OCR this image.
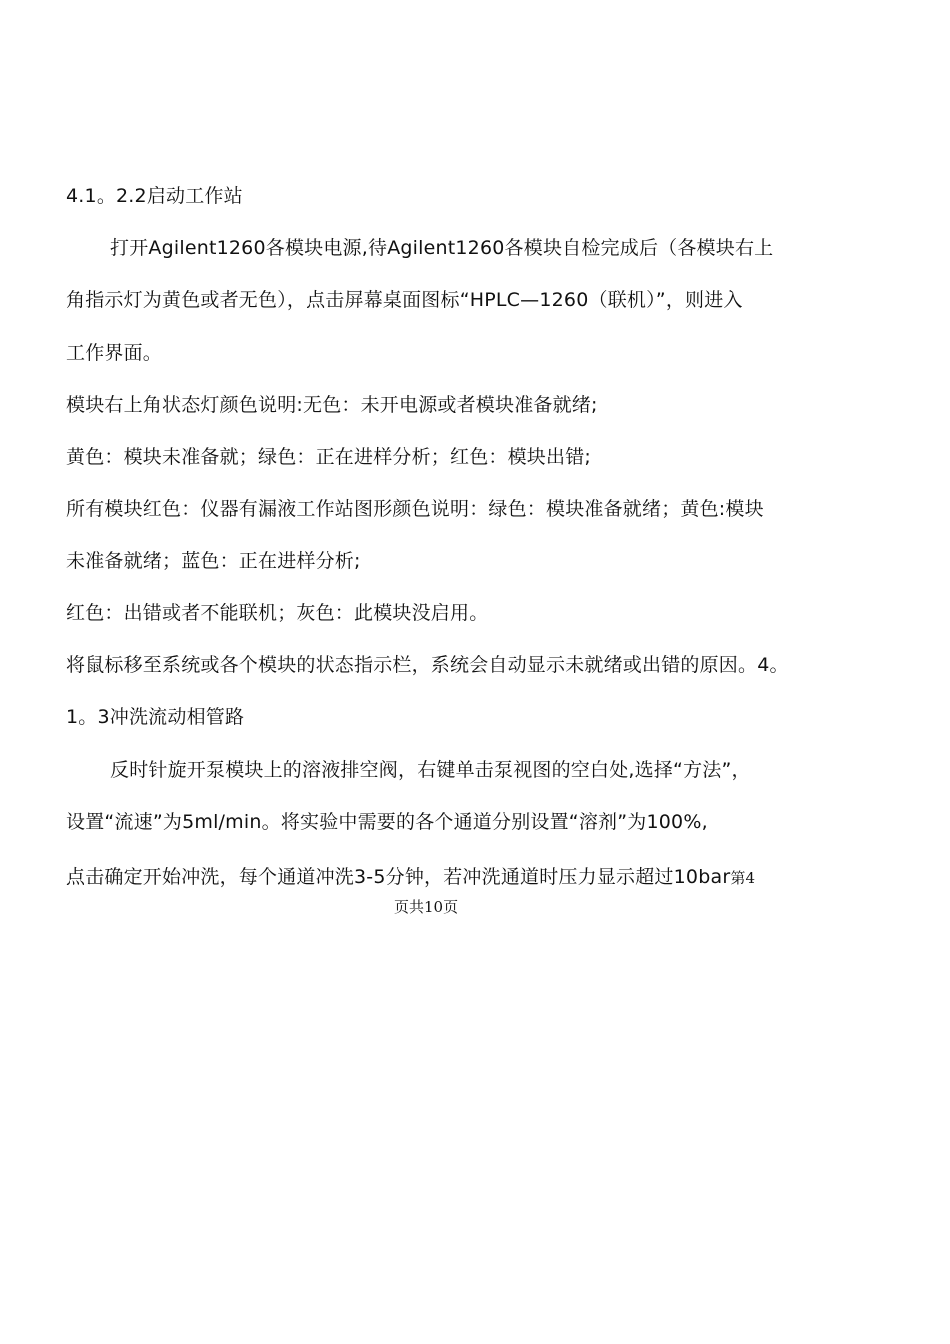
4.1。2.2启动工作站
打开Agilent1260各模块电源,待Agilent1260各模块自检完成后（各模块右上
角指示灯为黄色或者无色），点击屏幕桌面图标“HPLC—1260（联机）”，则进入
工作界面。
模块右上角状态灯颜色说明:无色：未开电源或者模块准备就绪;
黄色：模块未准备就；绿色：正在进样分析；红色：模块出错;
所有模块红色：仪器有漏液工作站图形颜色说明：绿色：模块准备就绪；黄色:模块
未准备就绪；蓝色：正在进样分析;
红色：出错或者不能联机；灰色：此模块没启用。
将鼠标移至系统或各个模块的状态指示栏，系统会自动显示未就绪或出错的原因。4。
1。3冲洗流动相管路
反时针旋开泵模块上的溶液排空阀，右键单击泵视图的空白处,选择“方法”，
设置“流速”为5ml/min。将实验中需要的各个通道分别设置“溶剂”为100%,
点击确定开始冲洗，每个通道冲洗3-5分钟，若冲洗通道时压力显示超过10bar第4
页共10页
